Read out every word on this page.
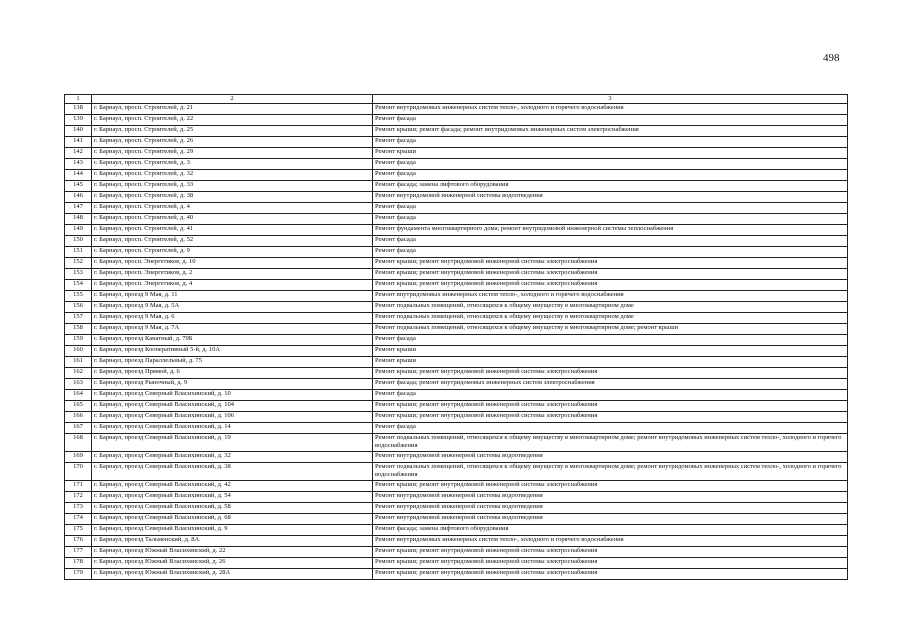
498
1	2	3
138	г. Барнаул, просп. Строителей, д. 21	Ремонт внутридомовых инженерных систем тепло-, холодного и горячего водоснабжения
139	г. Барнаул, просп. Строителей, д. 22	Ремонт фасада
140	г. Барнаул, просп. Строителей, д. 25	Ремонт крыши; ремонт фасада; ремонт внутридомовых инженерных систем электроснабжения
141	г. Барнаул, просп. Строителей, д. 26	Ремонт фасада
142	г. Барнаул, просп. Строителей, д. 29	Ремонт крыши
143	г. Барнаул, просп. Строителей, д. 3	Ремонт фасада
144	г. Барнаул, просп. Строителей, д. 32	Ремонт фасада
145	г. Барнаул, просп. Строителей, д. 33	Ремонт фасада; замена лифтового оборудования
146	г. Барнаул, просп. Строителей, д. 38	Ремонт внутридомовой инженерной системы водоотведения
147	г. Барнаул, просп. Строителей, д. 4	Ремонт фасада
148	г. Барнаул, просп. Строителей, д. 40	Ремонт фасада
149	г. Барнаул, просп. Строителей, д. 41	Ремонт фундамента многоквартирного дома; ремонт внутридомовой инженерной системы теплоснабжения
150	г. Барнаул, просп. Строителей, д. 52	Ремонт фасада
151	г. Барнаул, просп. Строителей, д. 9	Ремонт фасада
152	г. Барнаул, просп. Энергетиков, д. 10	Ремонт крыши; ремонт внутридомовой инженерной системы электроснабжения
153	г. Барнаул, просп. Энергетиков, д. 2	Ремонт крыши; ремонт внутридомовой инженерной системы электроснабжения
154	г. Барнаул, просп. Энергетиков, д. 4	Ремонт крыши; ремонт внутридомовой инженерной системы электроснабжения
155	г. Барнаул, проезд 9 Мая, д. 11	Ремонт внутридомовых инженерных систем тепло-, холодного и горячего водоснабжения
156	г. Барнаул, проезд 9 Мая, д. 5А	Ремонт подвальных помещений, относящихся к общему имуществу в многоквартирном доме
157	г. Барнаул, проезд 9 Мая, д. 6	Ремонт подвальных помещений, относящихся к общему имуществу в многоквартирном доме
158	г. Барнаул, проезд 9 Мая, д. 7А	Ремонт подвальных помещений, относящихся к общему имуществу в многоквартирном доме; ремонт крыши
159	г. Барнаул, проезд Канатный, д. 79Б	Ремонт фасада
160	г. Барнаул, проезд Кооперативный 5-й, д. 10А	Ремонт крыши
161	г. Барнаул, проезд Параллельный, д. 75	Ремонт крыши
162	г. Барнаул, проезд Прямой, д. 6	Ремонт крыши; ремонт внутридомовой инженерной системы электроснабжения
163	г. Барнаул, проезд Рыночный, д. 9	Ремонт фасада; ремонт внутридомовых инженерных систем электроснабжения
164	г. Барнаул, проезд Северный Власихинский, д. 10	Ремонт фасада
165	г. Барнаул, проезд Северный Власихинский, д. 104	Ремонт крыши; ремонт внутридомовой инженерной системы электроснабжения
166	г. Барнаул, проезд Северный Власихинский, д. 106	Ремонт крыши; ремонт внутридомовой инженерной системы электроснабжения
167	г. Барнаул, проезд Северный Власихинский, д. 14	Ремонт фасада
168	г. Барнаул, проезд Северный Власихинский, д. 19	Ремонт подвальных помещений, относящихся к общему имуществу в многоквартирном доме; ремонт внутридомовых инженерных систем тепло-, холодного и горячего водоснабжения
169	г. Барнаул, проезд Северный Власихинский, д. 32	Ремонт внутридомовой инженерной системы водоотведения
170	г. Барнаул, проезд Северный Власихинский, д. 38	Ремонт подвальных помещений, относящихся к общему имуществу в многоквартирном доме; ремонт внутридомовых инженерных систем тепло-, холодного и горячего водоснабжения
171	г. Барнаул, проезд Северный Власихинский, д. 42	Ремонт крыши; ремонт внутридомовой инженерной системы электроснабжения
172	г. Барнаул, проезд Северный Власихинский, д. 54	Ремонт внутридомовой инженерной системы водоотведения
173	г. Барнаул, проезд Северный Власихинский, д. 58	Ремонт внутридомовой инженерной системы водоотведения
174	г. Барнаул, проезд Северный Власихинский, д. 68	Ремонт внутридомовой инженерной системы водоотведения
175	г. Барнаул, проезд Северный Власихинский, д. 9	Ремонт фасада; замена лифтового оборудования
176	г. Барнаул, проезд Тальменский, д. 8А	Ремонт внутридомовых инженерных систем тепло-, холодного и горячего водоснабжения
177	г. Барнаул, проезд Южный Власихинский, д. 22	Ремонт крыши; ремонт внутридомовой инженерной системы электроснабжения
178	г. Барнаул, проезд Южный Власихинский, д. 26	Ремонт крыши; ремонт внутридомовой инженерной системы электроснабжения
179	г. Барнаул, проезд Южный Власихинский, д. 28А	Ремонт крыши; ремонт внутридомовой инженерной системы электроснабжения
